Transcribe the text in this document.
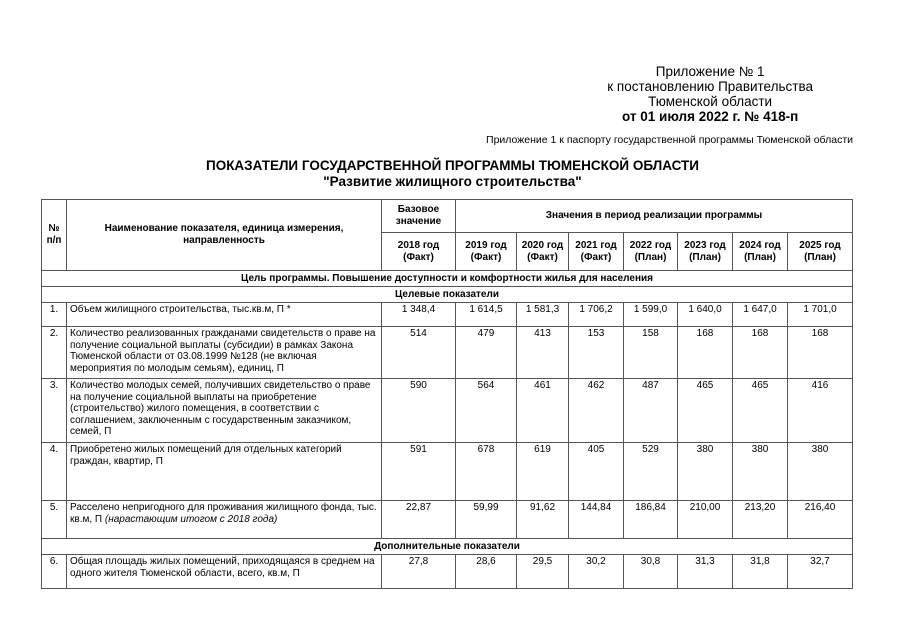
Приложение № 1
к постановлению Правительства
Тюменской области
от 01 июля 2022 г. № 418-п
Приложение 1 к паспорту государственной программы Тюменской области
ПОКАЗАТЕЛИ ГОСУДАРСТВЕННОЙ ПРОГРАММЫ ТЮМЕНСКОЙ ОБЛАСТИ
"Развитие жилищного строительства"
№ п/п	Наименование показателя, единица измерения, направленность	Базовое значение	Значения в период реализации программы						
		2018 год (Факт)	2019 год (Факт)	2020 год (Факт)	2021 год (Факт)	2022 год (План)	2023 год (План)	2024 год (План)	2025 год (План)
Цель программы. Повышение доступности и комфортности жилья для населения									
Целевые показатели									
1.	Объем жилищного строительства, тыс.кв.м, П *	1 348,4	1 614,5	1 581,3	1 706,2	1 599,0	1 640,0	1 647,0	1 701,0
2.	Количество реализованных гражданами свидетельств о праве на получение социальной выплаты (субсидии) в рамках Закона Тюменской области от 03.08.1999 №128 (не включая мероприятия по молодым семьям), единиц, П	514	479	413	153	158	168	168	168
3.	Количество молодых семей, получивших свидетельство о праве на получение социальной выплаты на приобретение (строительство) жилого помещения, в соответствии с соглашением, заключенным с государственным заказчиком, семей, П	590	564	461	462	487	465	465	416
4.	Приобретено жилых помещений для отдельных категорий граждан, квартир, П	591	678	619	405	529	380	380	380
5.	Расселено непригодного для проживания жилищного фонда, тыс. кв.м, П (нарастающим итогом с 2018 года)	22,87	59,99	91,62	144,84	186,84	210,00	213,20	216,40
Дополнительные показатели									
6.	Общая площадь жилых помещений, приходящаяся в среднем на одного жителя Тюменской области, всего, кв.м, П	27,8	28,6	29,5	30,2	30,8	31,3	31,8	32,7
